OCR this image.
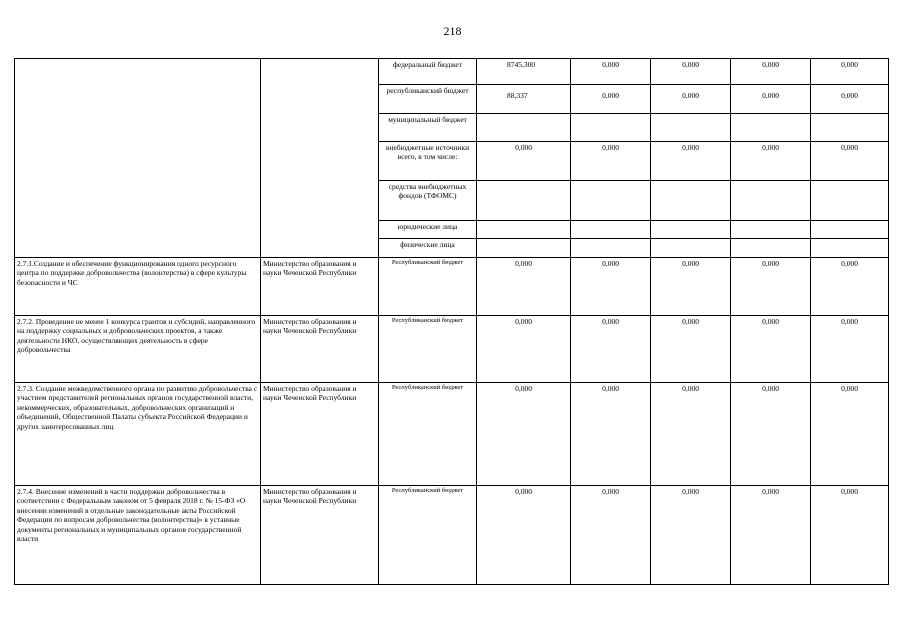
218
		федеральный бюджет	8745,300	0,000	0,000	0,000	0,000
		республиканский бюджет	88,337	0,000	0,000	0,000	0,000
		муниципальный бюджет					
		внебюджетные источники всего, в том числе:	0,000	0,000	0,000	0,000	0,000
		средства внебюджетных фондов (ТФОМС)					
		юридические лица					
		физические лица					
2.7.1.Создание и обеспечение функционирования одного ресурсного центра по поддержке добровольчества (волонтерства) в сфере культуры безопасности и ЧС	Министерство образования и науки Чеченской Республики	Республиканский бюджет	0,000	0,000	0,000	0,000	0,000
2.7.2. Проведение не менее 1 конкурса грантов и субсидий, направленного на поддержку социальных и добровольческих проектов, а также деятельности НКО, осуществляющих деятельность в сфере добровольчества	Министерство образования и науки Чеченской Республики	Республиканский бюджет	0,000	0,000	0,000	0,000	0,000
2.7.3. Создание межведомственного органа по развитию добровольчества с участием представителей региональных органов государственной власти, некоммерческих, образовательных, добровольческих организаций и объединений, Общественной Палаты субъекта Российской Федерации и других заинтересованных лиц	Министерство образования и науки Чеченской Республики	Республиканский бюджет	0,000	0,000	0,000	0,000	0,000
2.7.4. Внесение изменений в части поддержки добровольчества в соответствии с Федеральным законом от 5 февраля 2018 г. № 15-ФЗ «О внесении изменений в отдельные законодательные акты Российской Федерации по вопросам добровольчества (волонтерства)» в уставные документы региональных и муниципальных органов государственной власти	Министерство образования и науки Чеченской Республики	Республиканский бюджет	0,000	0,000	0,000	0,000	0,000
